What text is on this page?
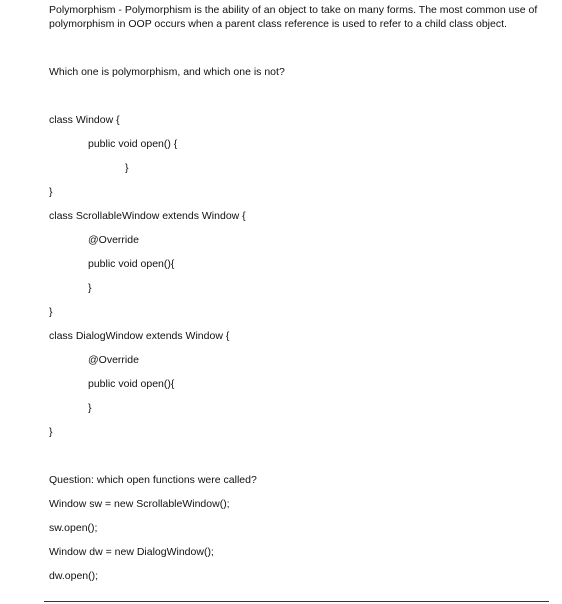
Polymorphism - Polymorphism is the ability of an object to take on many forms. The most common use of polymorphism in OOP occurs when a parent class reference is used to refer to a child class object.
Which one is polymorphism, and which one is not?
class Window {
public void open() {
}
}
class ScrollableWindow extends Window {
@Override
public void open(){
}
}
class DialogWindow extends Window {
@Override
public void open(){
}
}
Question: which open functions were called?
Window sw = new ScrollableWindow();
sw.open();
Window dw = new DialogWindow();
dw.open();
